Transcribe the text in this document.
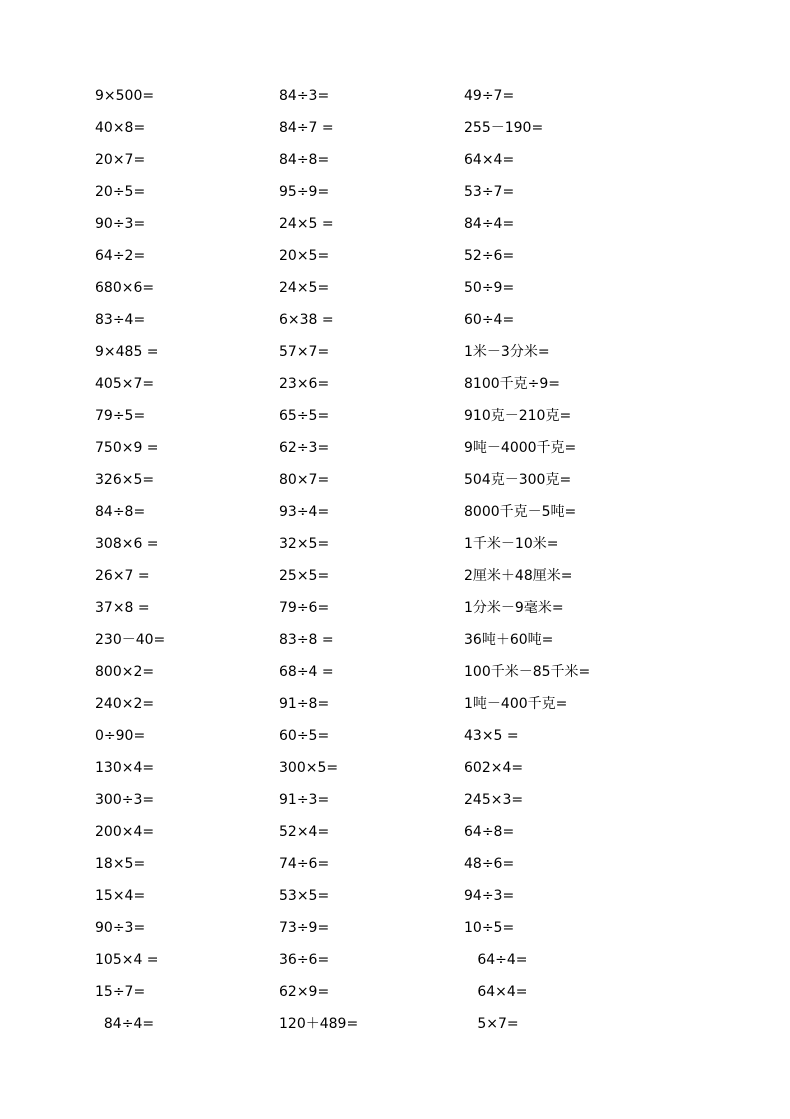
9×500=
40×8=
20×7=
20÷5=
90÷3=
64÷2=
680×6=
83÷4=
9×485 =
405×7=
79÷5=
750×9 =
326×5=
84÷8=
308×6 =
26×7 =
37×8 =
230－40=
800×2=
240×2=
0÷90=
130×4=
300÷3=
200×4=
18×5=
15×4=
90÷3=
105×4 =
15÷7=
84÷4=
84÷3=
84÷7 =
84÷8=
95÷9=
24×5 =
20×5=
24×5=
6×38 =
57×7=
23×6=
65÷5=
62÷3=
80×7=
93÷4=
32×5=
25×5=
79÷6=
83÷8 =
68÷4 =
91÷8=
60÷5=
300×5=
91÷3=
52×4=
74÷6=
53×5=
73÷9=
36÷6=
62×9=
120＋489=
49÷7=
255－190=
64×4=
53÷7=
84÷4=
52÷6=
50÷9=
60÷4=
1米－3分米=
8100千克÷9=
910克－210克=
9吨－4000千克=
504克－300克=
8000千克－5吨=
1千米－10米=
2厘米＋48厘米=
1分米－9毫米=
36吨＋60吨=
100千米－85千米=
1吨－400千克=
43×5 =
602×4=
245×3=
64÷8=
48÷6=
94÷3=
10÷5=
64÷4=
64×4=
5×7=
